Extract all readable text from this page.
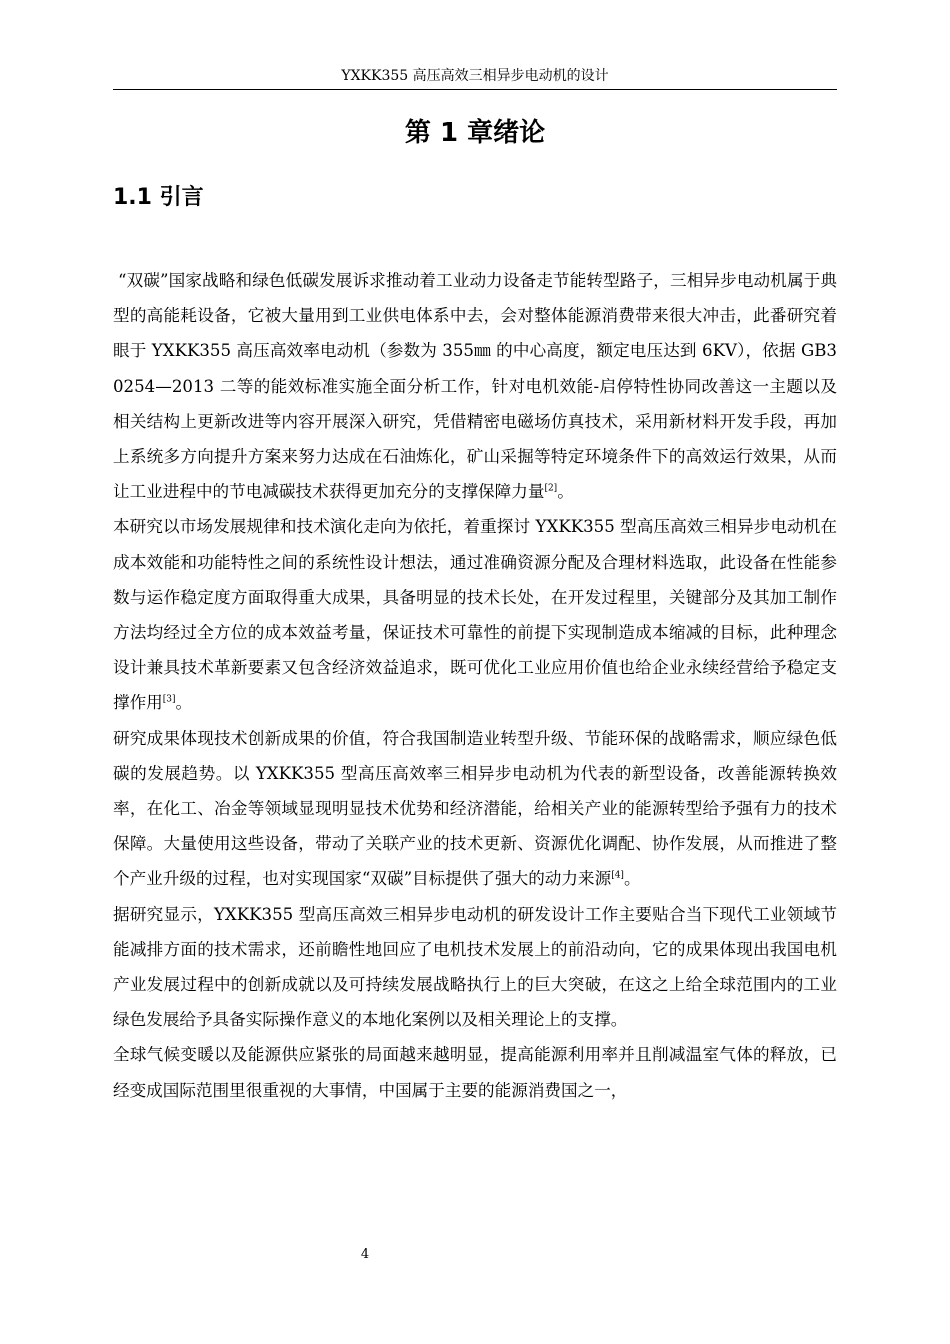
YXKK355 高压高效三相异步电动机的设计
第 1 章绪论
1.1 引言

“双碳”国家战略和绿色低碳发展诉求推动着工业动力设备走节能转型路子，三相异步电动机属于典型的高能耗设备，它被大量用到工业供电体系中去，会对整体能源消费带来很大冲击，此番研究着眼于 YXKK355 高压高效率电动机（参数为 355㎜ 的中心高度，额定电压达到 6KV），依据 GB30254—2013 二等的能效标准实施全面分析工作，针对电机效能-启停特性协同改善这一主题以及相关结构上更新改进等内容开展深入研究，凭借精密电磁场仿真技术，采用新材料开发手段，再加上系统多方向提升方案来努力达成在石油炼化，矿山采掘等特定环境条件下的高效运行效果，从而让工业进程中的节电减碳技术获得更加充分的支撑保障力量[2]。

本研究以市场发展规律和技术演化走向为依托，着重探讨 YXKK355 型高压高效三相异步电动机在成本效能和功能特性之间的系统性设计想法，通过准确资源分配及合理材料选取，此设备在性能参数与运作稳定度方面取得重大成果，具备明显的技术长处，在开发过程里，关键部分及其加工制作方法均经过全方位的成本效益考量，保证技术可靠性的前提下实现制造成本缩减的目标，此种理念设计兼具技术革新要素又包含经济效益追求，既可优化工业应用价值也给企业永续经营给予稳定支撑作用[3]。

研究成果体现技术创新成果的价值，符合我国制造业转型升级、节能环保的战略需求，顺应绿色低碳的发展趋势。以 YXKK355 型高压高效率三相异步电动机为代表的新型设备，改善能源转换效率，在化工、冶金等领域显现明显技术优势和经济潜能，给相关产业的能源转型给予强有力的技术保障。大量使用这些设备，带动了关联产业的技术更新、资源优化调配、协作发展，从而推进了整个产业升级的过程，也对实现国家“双碳”目标提供了强大的动力来源[4]。

据研究显示，YXKK355 型高压高效三相异步电动机的研发设计工作主要贴合当下现代工业领域节能减排方面的技术需求，还前瞻性地回应了电机技术发展上的前沿动向，它的成果体现出我国电机产业发展过程中的创新成就以及可持续发展战略执行上的巨大突破，在这之上给全球范围内的工业绿色发展给予具备实际操作意义的本地化案例以及相关理论上的支撑。

全球气候变暖以及能源供应紧张的局面越来越明显，提高能源利用率并且削减温室气体的释放，已经变成国际范围里很重视的大事情，中国属于主要的能源消费国之一，

4
